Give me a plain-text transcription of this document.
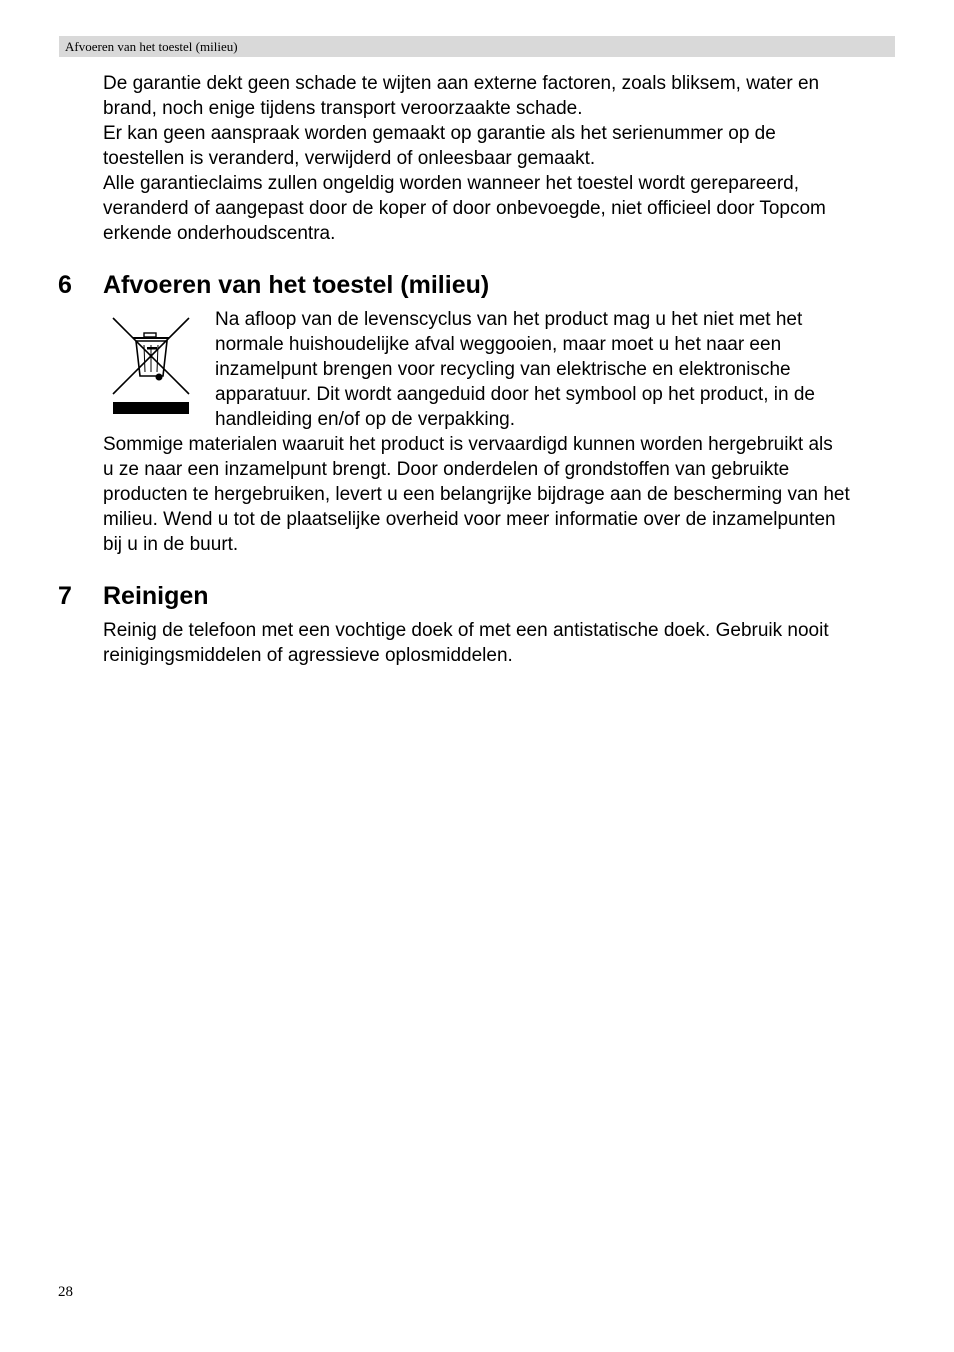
Afvoeren van het toestel (milieu)
De garantie dekt geen schade te wijten aan externe factoren, zoals bliksem, water en
brand, noch enige tijdens transport veroorzaakte schade.
Er kan geen aanspraak worden gemaakt op garantie als het serienummer op de
toestellen is veranderd, verwijderd of onleesbaar gemaakt.
Alle garantieclaims zullen ongeldig worden wanneer het toestel wordt gerepareerd,
veranderd of aangepast door de koper of door onbevoegde, niet officieel door Topcom
erkende onderhoudscentra.
6 Afvoeren van het toestel (milieu)
Na afloop van de levenscyclus van het product mag u het niet met het
normale huishoudelijke afval weggooien, maar moet u het naar een
inzamelpunt brengen voor recycling van elektrische en elektronische
apparatuur. Dit wordt aangeduid door het symbool op het product, in de
handleiding en/of op de verpakking.
Sommige materialen waaruit het product is vervaardigd kunnen worden hergebruikt als
u ze naar een inzamelpunt brengt. Door onderdelen of grondstoffen van gebruikte
producten te hergebruiken, levert u een belangrijke bijdrage aan de bescherming van het
milieu. Wend u tot de plaatselijke overheid voor meer informatie over de inzamelpunten
bij u in de buurt.
7 Reinigen
Reinig de telefoon met een vochtige doek of met een antistatische doek. Gebruik nooit
reinigingsmiddelen of agressieve oplosmiddelen.
28
